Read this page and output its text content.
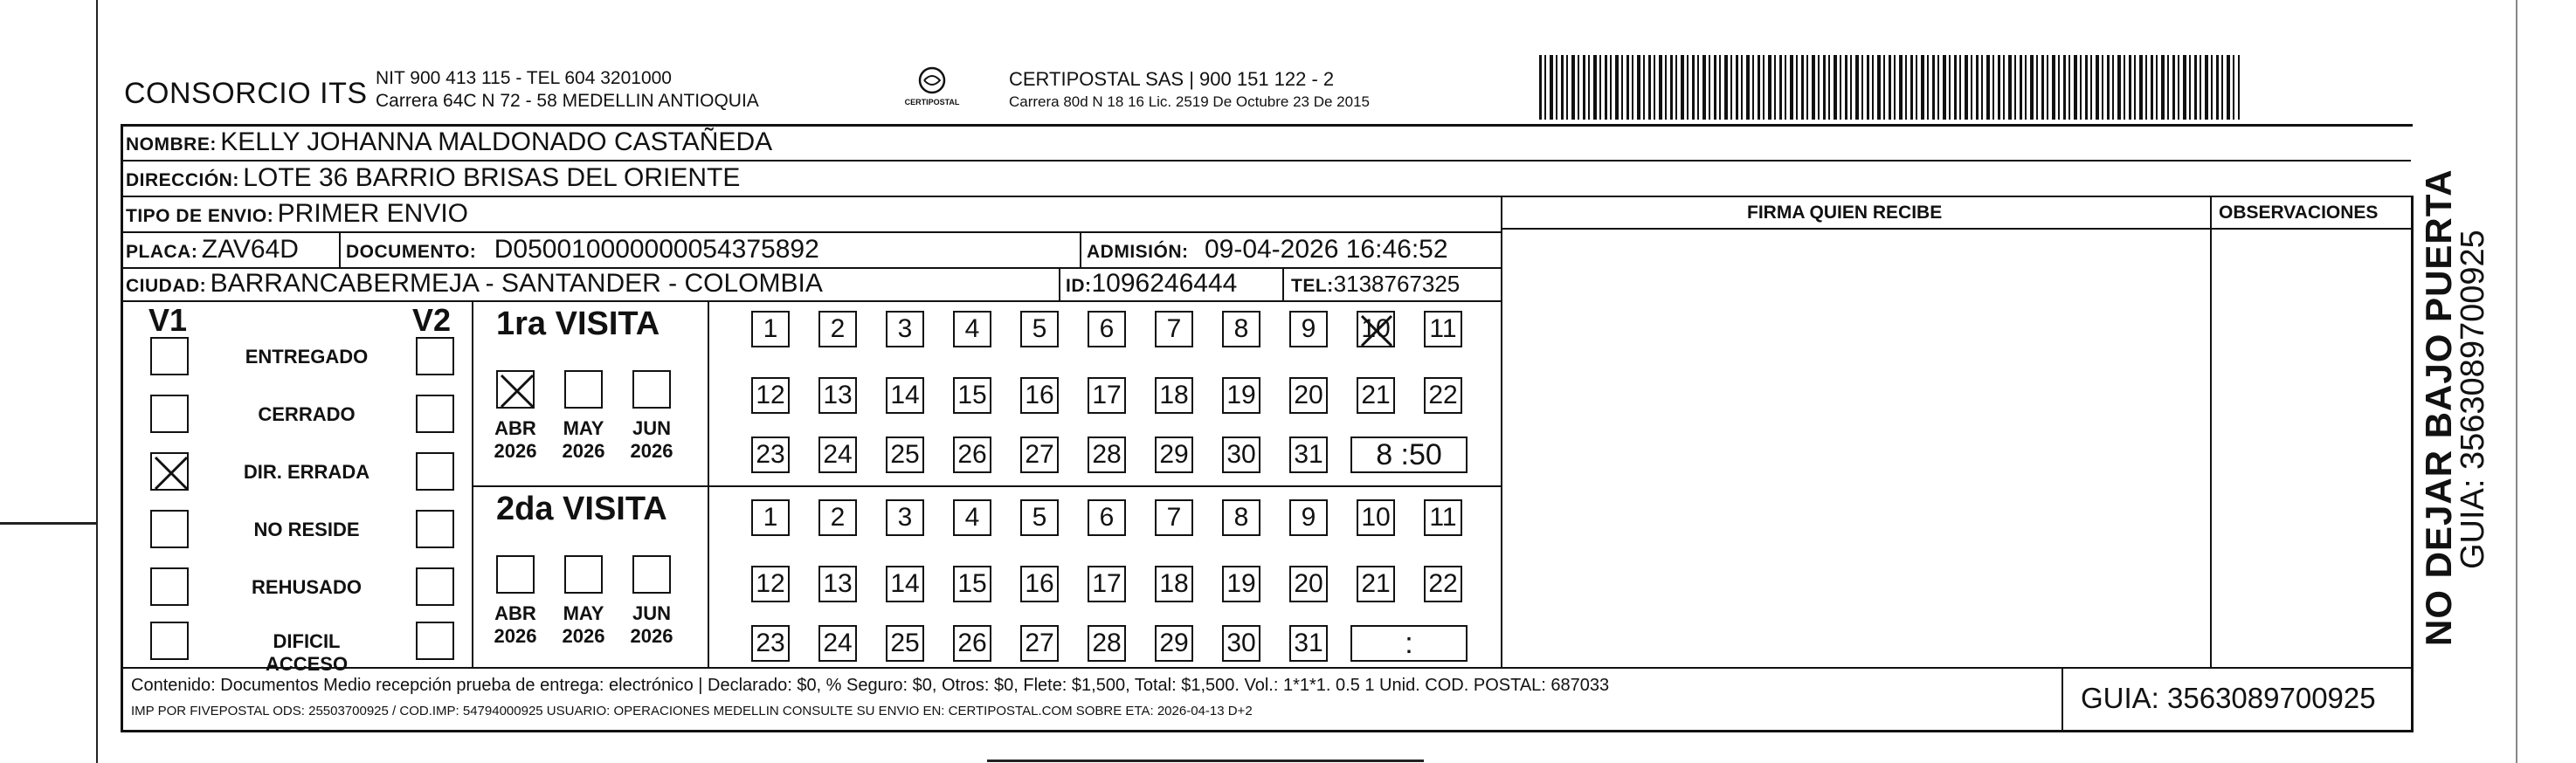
CONSORCIO ITS NIT 900 413 115 - TEL 604 3201000
Carrera 64C N 72 - 58 MEDELLIN ANTIOQUIA	CERTIPOSTAL
CERTIPOSTAL SAS | 900 151 122 - 2
Carrera 80d N 18 16 Lic. 2519 De Octubre 23 De 2015
NOMBRE: KELLY JOHANNA MALDONADO CASTAÑEDA
DIRECCIÓN: LOTE 36 BARRIO BRISAS DEL ORIENTE
TIPO DE ENVIO: PRIMER ENVIO	FIRMA QUIEN RECIBE	OBSERVACIONES
PLACA: ZAV64D	DOCUMENTO: D050010000000054375892	ADMISIÓN: 09-04-2026 16:46:52
CIUDAD: BARRANCABERMEJA - SANTANDER - COLOMBIA	ID:1096246444	TEL:3138767325
V1	V2
ENTREGADO
CERRADO
DIR. ERRADA
NO RESIDE
REHUSADO
DIFICIL ACCESO
1ra VISITA
ABR
2026
MAY
2026
JUN
2026
1	2	3	4	5	6	7	8	9	10 11
12 13 14 15 16 17 18 19 20 21 22
23 24 25 26 27 28 29 30 31	8 :50
2da VISITA
ABR
2026
MAY
2026
JUN
2026
1	2	3	4	5	6	7	8	9	10 11
12 13 14 15 16 17 18 19 20 21 22
23 24 25 26 27 28 29 30 31	:
Contenido: Documentos Medio recepción prueba de entrega: electrónico | Declarado: $0, % Seguro: $0, Otros: $0, Flete: $1,500, Total: $1,500. Vol.: 1*1*1. 0.5 1 Unid. COD. POSTAL: 687033
IMP POR FIVEPOSTAL ODS: 25503700925 / COD.IMP: 54794000925 USUARIO: OPERACIONES MEDELLIN CONSULTE SU ENVIO EN: CERTIPOSTAL.COM SOBRE ETA: 2026-04-13 D+2	GUIA: 3563089700925
NO DEJAR BAJO PUERTA
GUIA: 3563089700925
